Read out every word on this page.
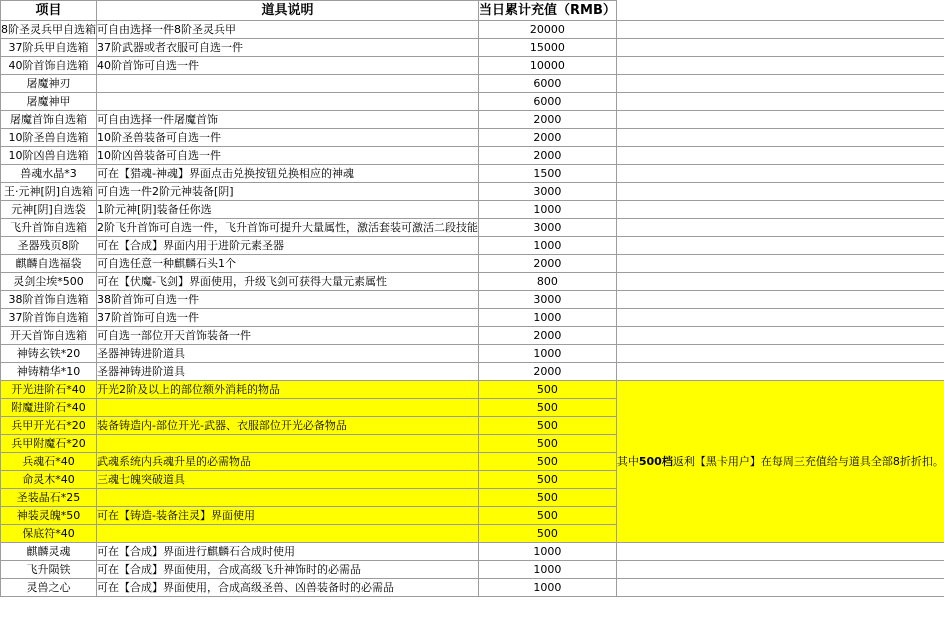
项目	道具说明	当日累计充值（RMB）	
8阶圣灵兵甲自选箱	可自由选择一件8阶圣灵兵甲	20000	
37阶兵甲自选箱	37阶武器或者衣服可自选一件	15000	
40阶首饰自选箱	40阶首饰可自选一件	10000	
屠魔神刃		6000	
屠魔神甲		6000	
屠魔首饰自选箱	可自由选择一件屠魔首饰	2000	
10阶圣兽自选箱	10阶圣兽装备可自选一件	2000	
10阶凶兽自选箱	10阶凶兽装备可自选一件	2000	
兽魂水晶*3	可在【猎魂-神魂】界面点击兑换按钮兑换相应的神魂	1500	
王·元神[阴]自选箱	可自选一件2阶元神装备[阴]	3000	
元神[阴]自选袋	1阶元神[阴]装备任你选	1000	
飞升首饰自选箱	2阶飞升首饰可自选一件，飞升首饰可提升大量属性，激活套装可激活二段技能	3000	
圣器残页8阶	可在【合成】界面内用于进阶元素圣器	1000	
麒麟自选福袋	可自选任意一种麒麟石头1个	2000	
灵剑尘埃*500	可在【伏魔-飞剑】界面使用，升级飞剑可获得大量元素属性	800	
38阶首饰自选箱	38阶首饰可自选一件	3000	
37阶首饰自选箱	37阶首饰可自选一件	1000	
开天首饰自选箱	可自选一部位开天首饰装备一件	2000	
神铸玄铁*20	圣器神铸进阶道具	1000	
神铸精华*10	圣器神铸进阶道具	2000	
开光进阶石*40	开光2阶及以上的部位额外消耗的物品	500	其中500档返利【黑卡用户】在每周三充值给与道具全部8折折扣。
附魔进阶石*40		500	
兵甲开光石*20	装备铸造内-部位开光-武器、衣服部位开光必备物品	500	
兵甲附魔石*20		500	
兵魂石*40	武魂系统内兵魂升星的必需物品	500	
命灵木*40	三魂七魄突破道具	500	
圣装晶石*25		500	
神装灵魄*50	可在【铸造-装备注灵】界面使用	500	
保底符*40		500	
麒麟灵魂	可在【合成】界面进行麒麟石合成时使用	1000	
飞升陨铁	可在【合成】界面使用，合成高级飞升神饰时的必需品	1000	
灵兽之心	可在【合成】界面使用，合成高级圣兽、凶兽装备时的必需品	1000	
